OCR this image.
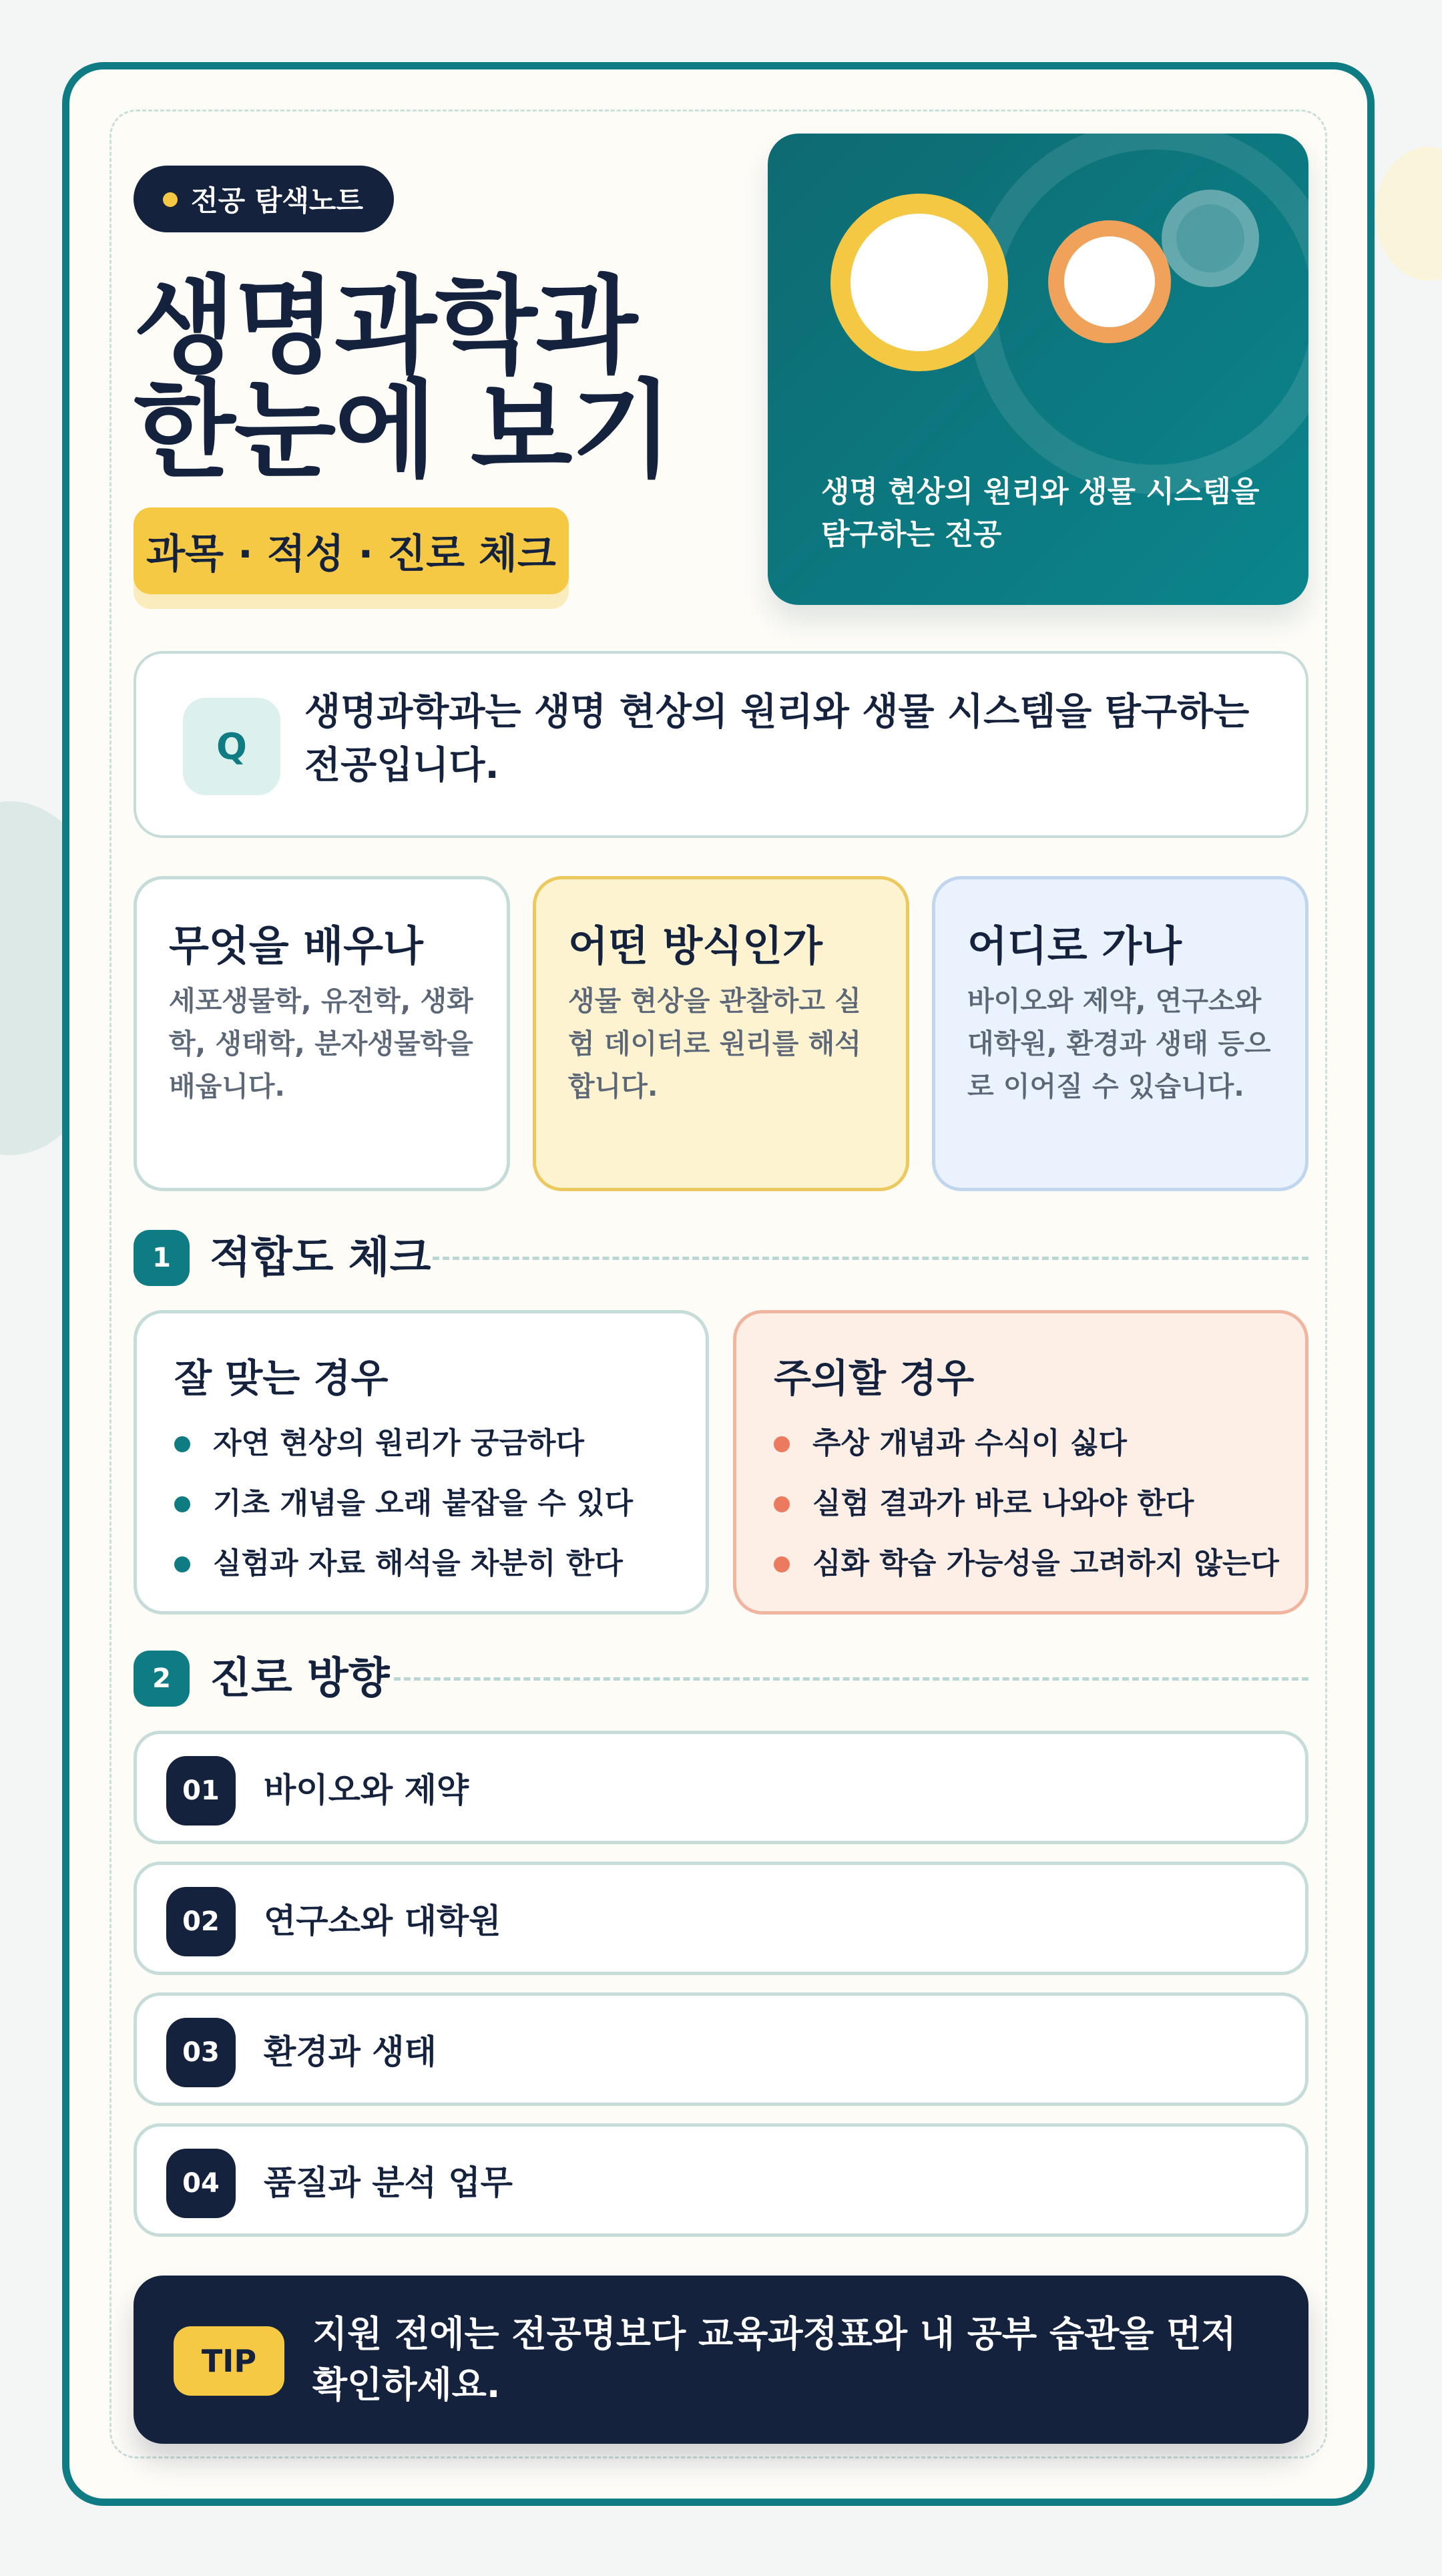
전공 탐색노트
생명과학과
한눈에 보기
과목 · 적성 · 진로 체크
생명 현상의 원리와 생물 시스템을 탐구하는 전공
Q
생명과학과는 생명 현상의 원리와 생물 시스템을 탐구하는 전공입니다.
무엇을 배우나
세포생물학, 유전학, 생화학, 생태학, 분자생물학을 배웁니다.
어떤 방식인가
생물 현상을 관찰하고 실험 데이터로 원리를 해석합니다.
어디로 가나
바이오와 제약, 연구소와 대학원, 환경과 생태 등으로 이어질 수 있습니다.
1 적합도 체크
잘 맞는 경우
자연 현상의 원리가 궁금하다
기초 개념을 오래 붙잡을 수 있다
실험과 자료 해석을 차분히 한다
주의할 경우
추상 개념과 수식이 싫다
실험 결과가 바로 나와야 한다
심화 학습 가능성을 고려하지 않는다
2 진로 방향
01	바이오와 제약
02	연구소와 대학원
03	환경과 생태
04	품질과 분석 업무
TIP
지원 전에는 전공명보다 교육과정표와 내 공부 습관을 먼저 확인하세요.
